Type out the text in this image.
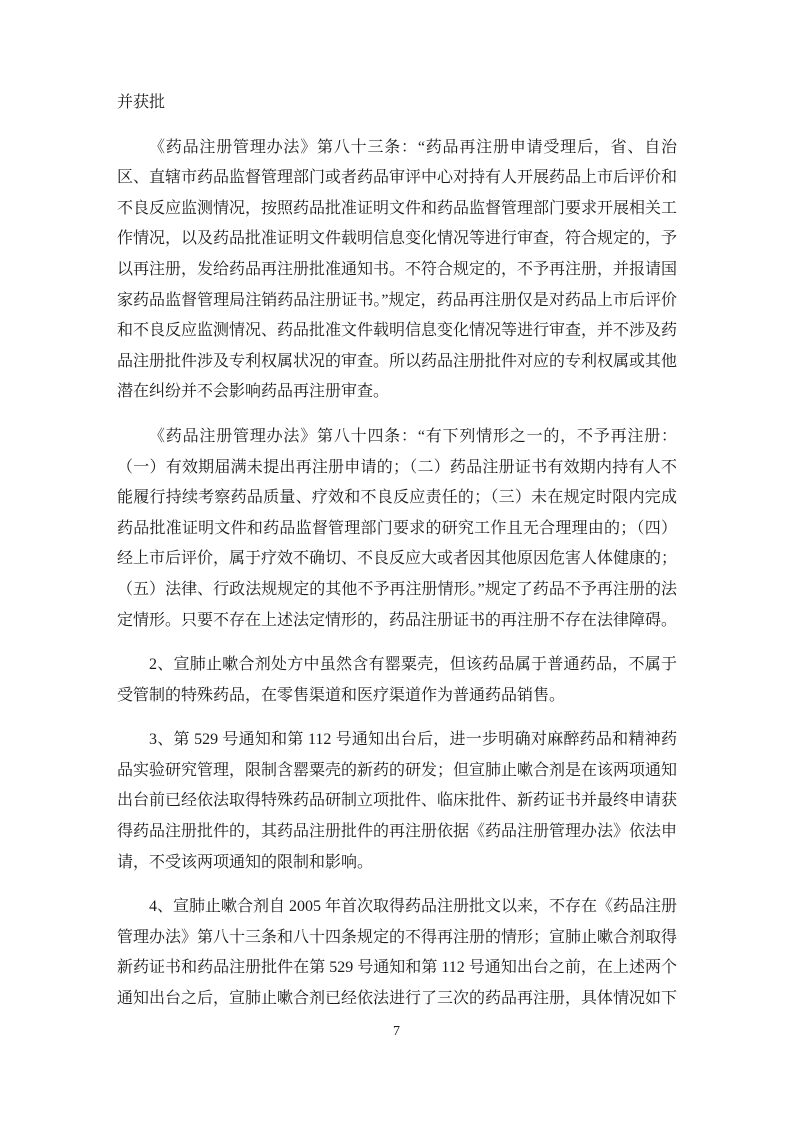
并获批

《药品注册管理办法》第八十三条：“药品再注册申请受理后，省、自治区、直辖市药品监督管理部门或者药品审评中心对持有人开展药品上市后评价和不良反应监测情况，按照药品批准证明文件和药品监督管理部门要求开展相关工作情况，以及药品批准证明文件载明信息变化情况等进行审查，符合规定的，予以再注册，发给药品再注册批准通知书。不符合规定的，不予再注册，并报请国家药品监督管理局注销药品注册证书。”规定，药品再注册仅是对药品上市后评价和不良反应监测情况、药品批准文件载明信息变化情况等进行审查，并不涉及药品注册批件涉及专利权属状况的审查。所以药品注册批件对应的专利权属或其他潜在纠纷并不会影响药品再注册审查。

《药品注册管理办法》第八十四条：“有下列情形之一的，不予再注册：（一）有效期届满未提出再注册申请的；（二）药品注册证书有效期内持有人不能履行持续考察药品质量、疗效和不良反应责任的；（三）未在规定时限内完成药品批准证明文件和药品监督管理部门要求的研究工作且无合理理由的；（四）经上市后评价，属于疗效不确切、不良反应大或者因其他原因危害人体健康的；（五）法律、行政法规规定的其他不予再注册情形。”规定了药品不予再注册的法定情形。只要不存在上述法定情形的，药品注册证书的再注册不存在法律障碍。

2、宣肺止嗽合剂处方中虽然含有罂粟壳，但该药品属于普通药品，不属于受管制的特殊药品，在零售渠道和医疗渠道作为普通药品销售。

3、第 529 号通知和第 112 号通知出台后，进一步明确对麻醉药品和精神药品实验研究管理，限制含罂粟壳的新药的研发；但宣肺止嗽合剂是在该两项通知出台前已经依法取得特殊药品研制立项批件、临床批件、新药证书并最终申请获得药品注册批件的，其药品注册批件的再注册依据《药品注册管理办法》依法申请，不受该两项通知的限制和影响。

4、宣肺止嗽合剂自 2005 年首次取得药品注册批文以来，不存在《药品注册管理办法》第八十三条和八十四条规定的不得再注册的情形；宣肺止嗽合剂取得新药证书和药品注册批件在第 529 号通知和第 112 号通知出台之前，在上述两个通知出台之后，宣肺止嗽合剂已经依法进行了三次的药品再注册，具体情况如下

7
